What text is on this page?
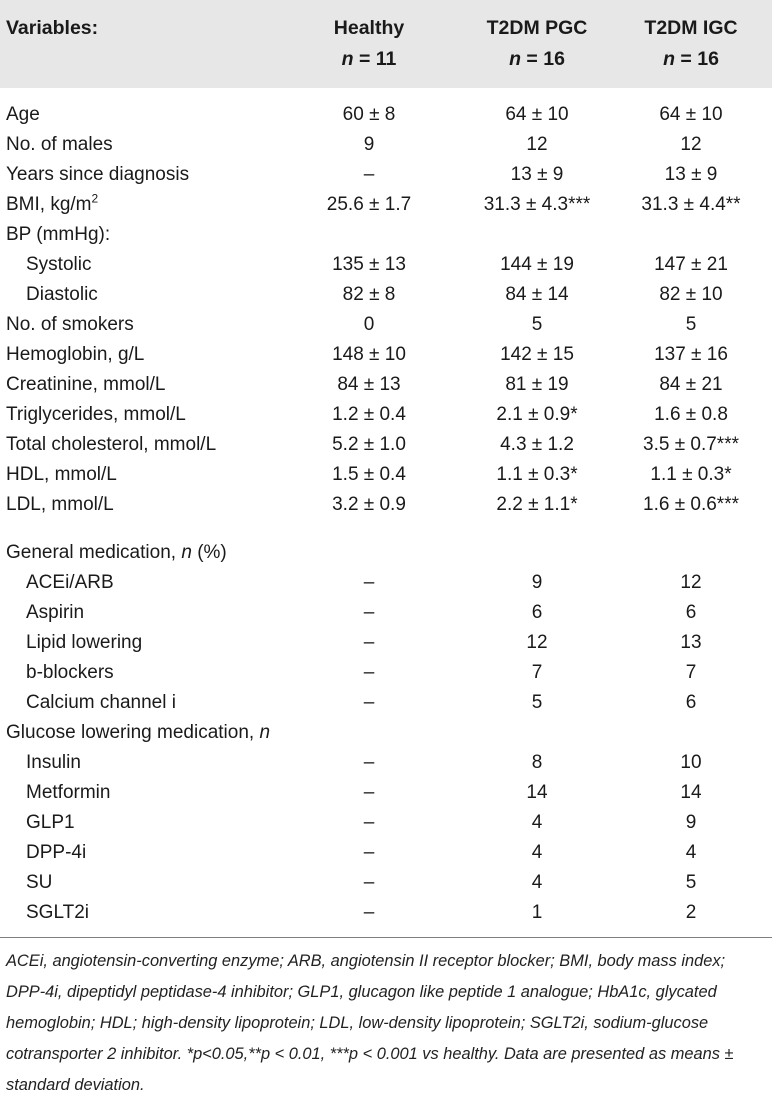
Variables:	Healthy	T2DM PGC	T2DM IGC
n = 11	n = 16	n = 16
Age	60 ± 8	64 ± 10	64 ± 10
No. of males	9	12	12
Years since diagnosis	–	13 ± 9	13 ± 9
BMI, $kg/m^2$	25.6 ± 1.7	31.3 ± 4.3***	31.3 ± 4.4**
BP (mmHg):
Systolic	135 ± 13	144 ± 19	147 ± 21
Diastolic	82 ± 8	84 ± 14	82 ± 10
No. of smokers	0	5	5
Hemoglobin, g/L	148 ± 10	142 ± 15	137 ± 16
Creatinine, mmol/L	84 ± 13	81 ± 19	84 ± 21
Triglycerides, mmol/L	1.2 ± 0.4	2.1 ± 0.9*	1.6 ± 0.8
Total cholesterol, mmol/L	5.2 ± 1.0	4.3 ± 1.2	3.5 ± 0.7***
HDL, mmol/L	1.5 ± 0.4	1.1 ± 0.3*	1.1 ± 0.3*
LDL, mmol/L	3.2 ± 0.9	2.2 ± 1.1*	1.6 ± 0.6***
General medication, n (%)
ACEi/ARB	–	9	12
Aspirin	–	6	6
Lipid lowering	–	12	13
b-blockers	–	7	7
Calcium channel i	–	5	6
Glucose lowering medication, n
Insulin	–	8	10
Metformin	–	14	14
GLP1	–	4	9
DPP-4i	–	4	4
SU	–	4	5
SGLT2i	–	1	2
ACEi, angiotensin-converting enzyme; ARB, angiotensin II receptor blocker; BMI, body mass index; DPP-4i, dipeptidyl peptidase-4 inhibitor; GLP1, glucagon like peptide 1 analogue; HbA1c, glycated hemoglobin; HDL; high-density lipoprotein; LDL, low-density lipoprotein; SGLT2i, sodium-glucose cotransporter 2 inhibitor. *p<0.05,**p < 0.01, ***p < 0.001 vs healthy. Data are presented as means ± standard deviation.
